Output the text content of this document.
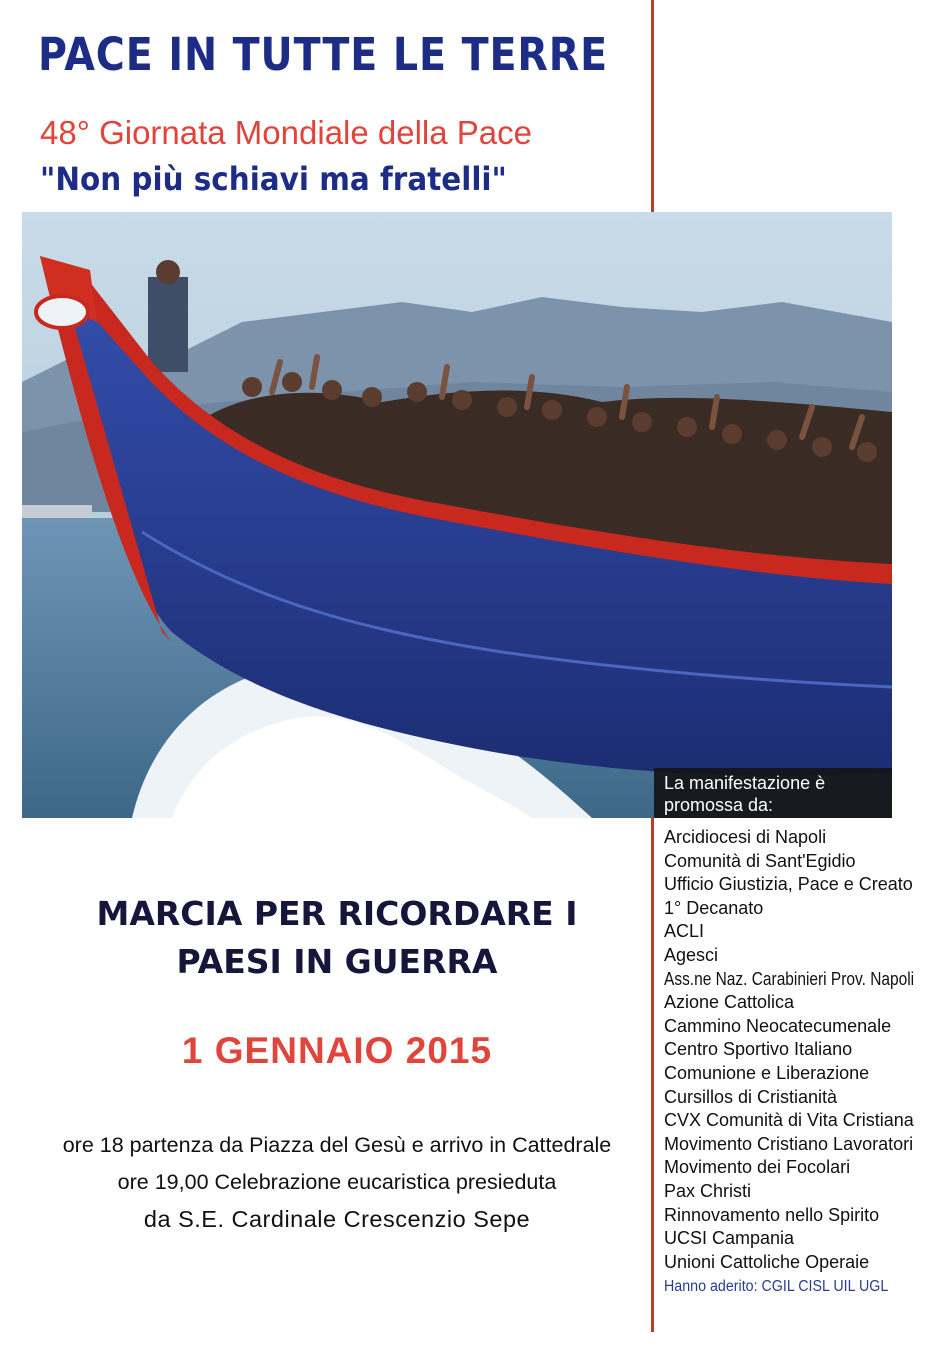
PACE IN TUTTE LE TERRE
48° Giornata Mondiale della Pace
"Non più schiavi ma fratelli"
La manifestazione è
promossa da:
MARCIA PER RICORDARE I
PAESI IN GUERRA
1 GENNAIO 2015
ore 18 partenza da Piazza del Gesù e arrivo in Cattedrale
ore 19,00 Celebrazione eucaristica presieduta
da S.E. Cardinale Crescenzio Sepe
Arcidiocesi di Napoli
Comunità di Sant'Egidio
Ufficio Giustizia, Pace e Creato
1° Decanato
ACLI
Agesci
Ass.ne Naz. Carabinieri Prov. Napoli
Azione Cattolica
Cammino Neocatecumenale
Centro Sportivo Italiano
Comunione e Liberazione
Cursillos di Cristianità
CVX Comunità di Vita Cristiana
Movimento Cristiano Lavoratori
Movimento dei Focolari
Pax Christi
Rinnovamento nello Spirito
UCSI Campania
Unioni Cattoliche Operaie
Hanno aderito: CGIL CISL UIL UGL
